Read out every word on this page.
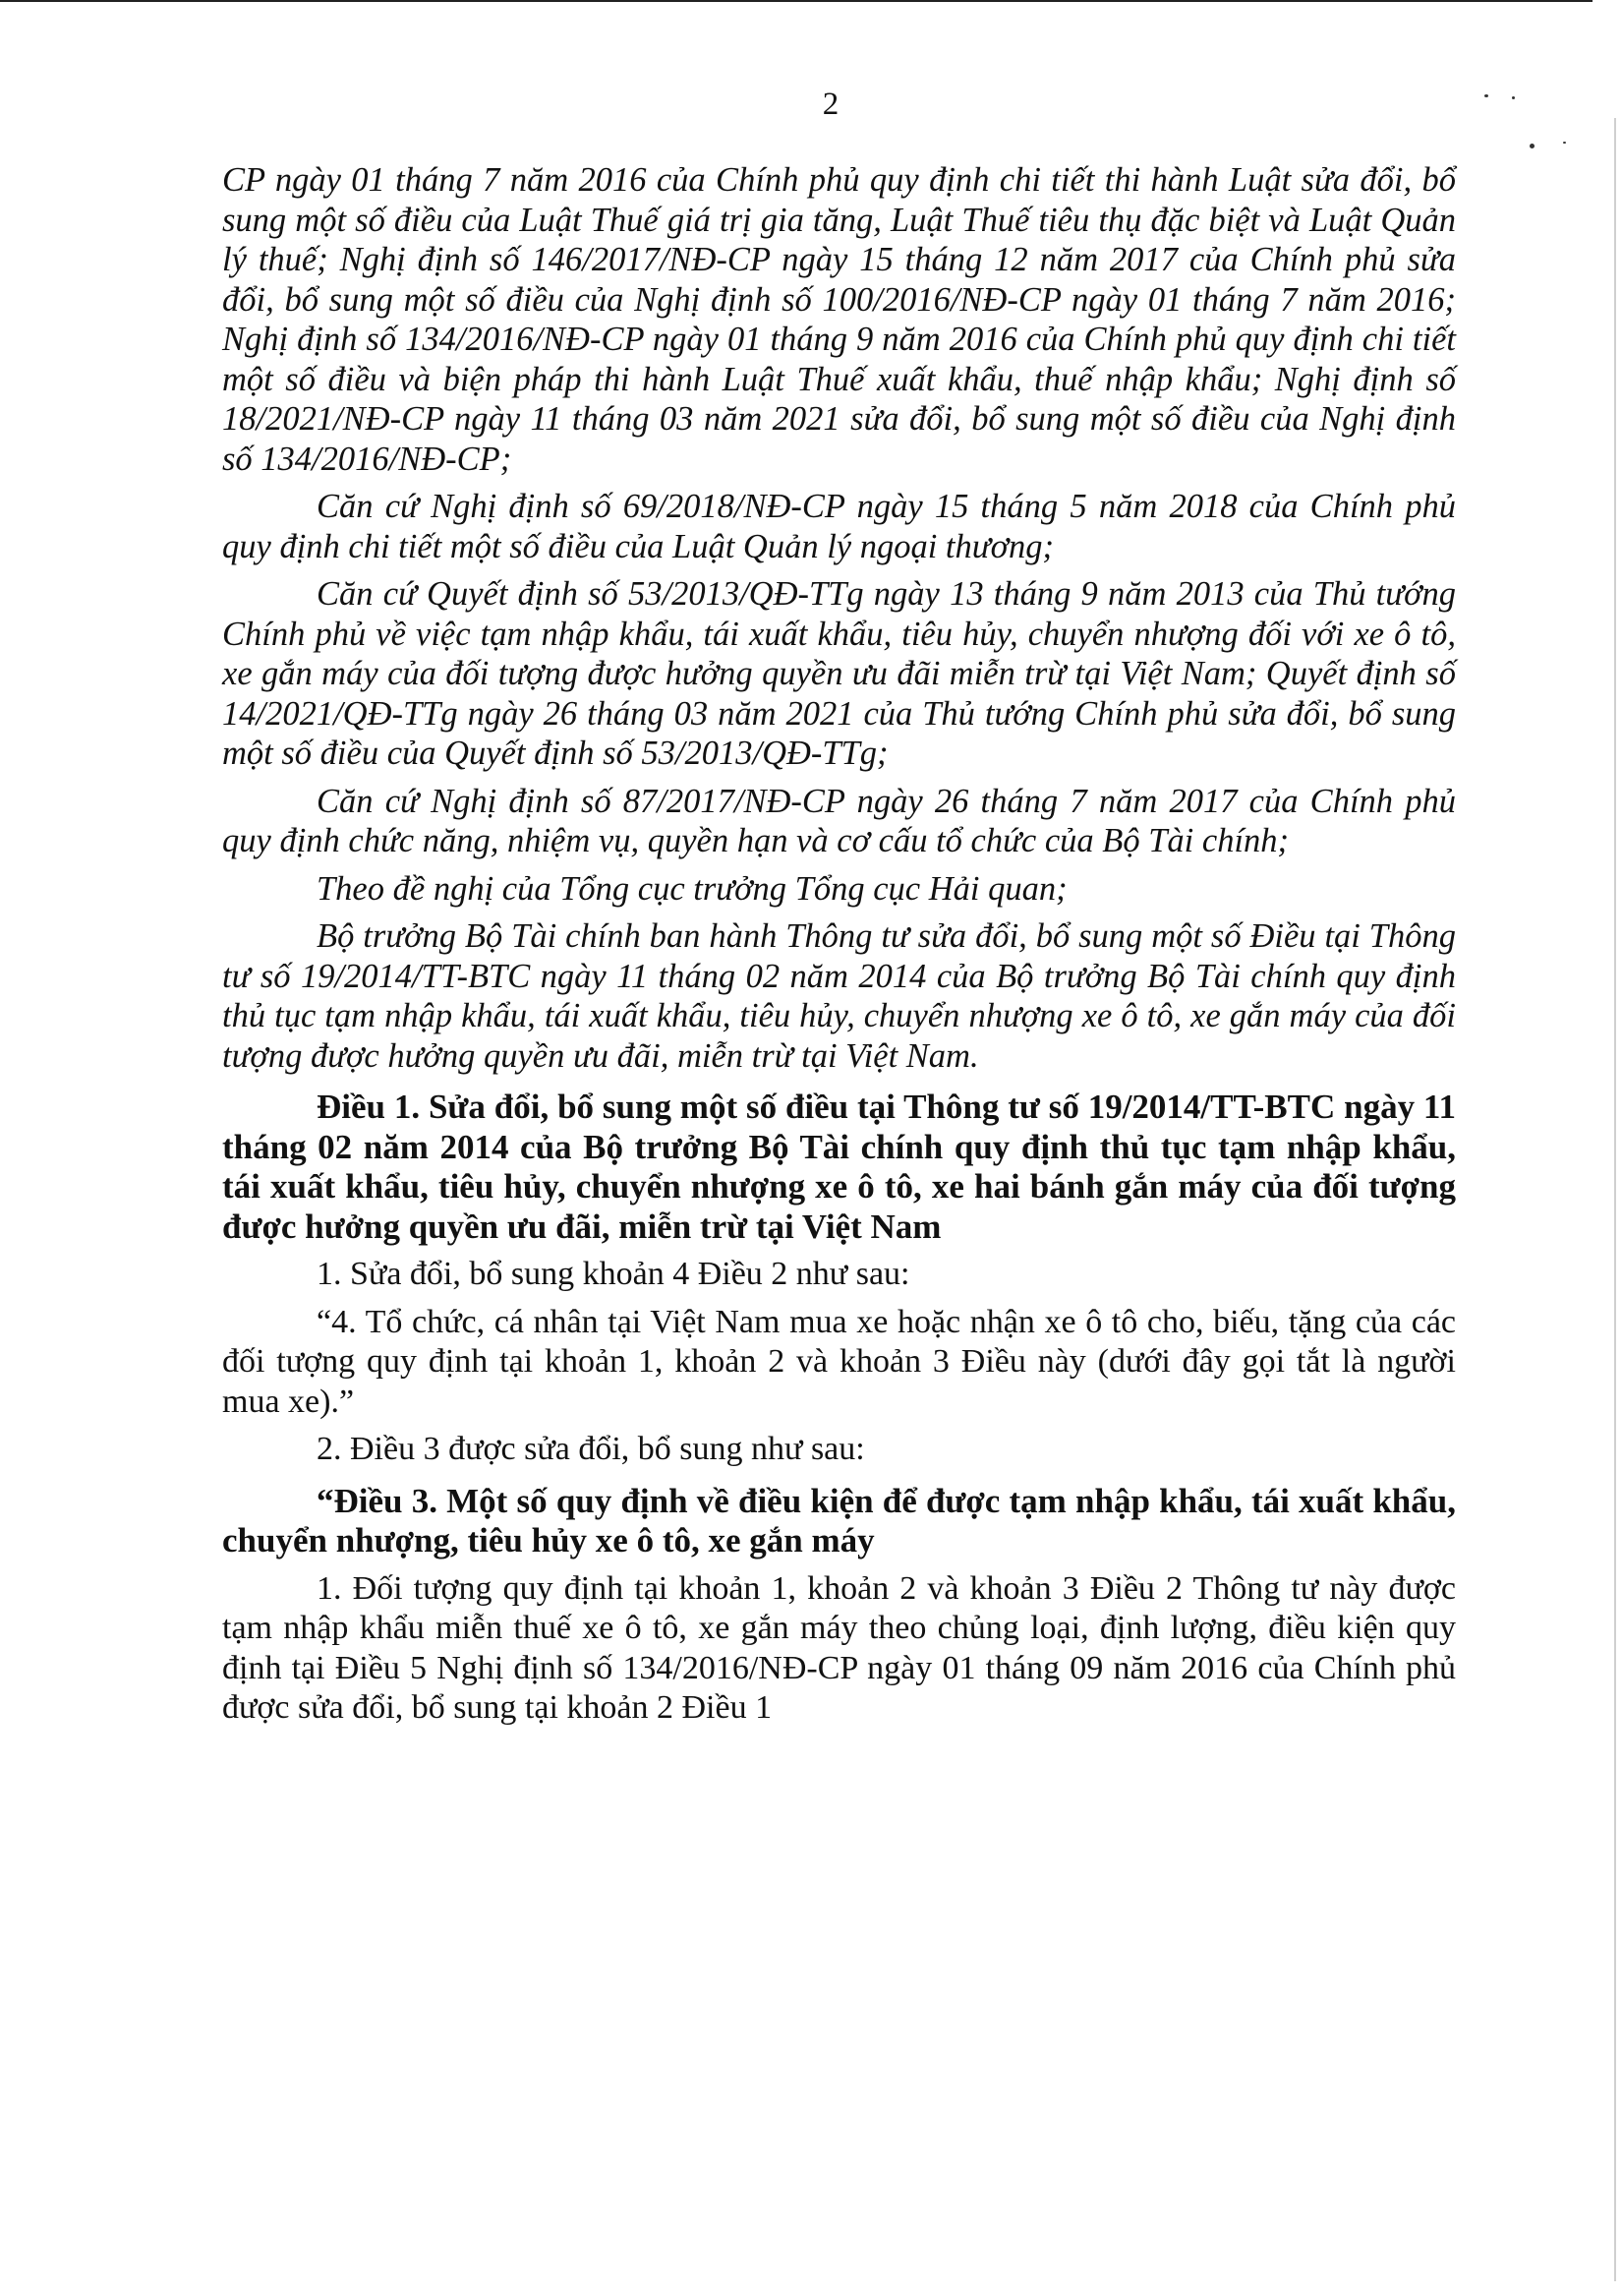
2

CP ngày 01 tháng 7 năm 2016 của Chính phủ quy định chi tiết thi hành Luật sửa đổi, bổ sung một số điều của Luật Thuế giá trị gia tăng, Luật Thuế tiêu thụ đặc biệt và Luật Quản lý thuế; Nghị định số 146/2017/NĐ-CP ngày 15 tháng 12 năm 2017 của Chính phủ sửa đổi, bổ sung một số điều của Nghị định số 100/2016/NĐ-CP ngày 01 tháng 7 năm 2016; Nghị định số 134/2016/NĐ-CP ngày 01 tháng 9 năm 2016 của Chính phủ quy định chi tiết một số điều và biện pháp thi hành Luật Thuế xuất khẩu, thuế nhập khẩu; Nghị định số 18/2021/NĐ-CP ngày 11 tháng 03 năm 2021 sửa đổi, bổ sung một số điều của Nghị định số 134/2016/NĐ-CP;

Căn cứ Nghị định số 69/2018/NĐ-CP ngày 15 tháng 5 năm 2018 của Chính phủ quy định chi tiết một số điều của Luật Quản lý ngoại thương;

Căn cứ Quyết định số 53/2013/QĐ-TTg ngày 13 tháng 9 năm 2013 của Thủ tướng Chính phủ về việc tạm nhập khẩu, tái xuất khẩu, tiêu hủy, chuyển nhượng đối với xe ô tô, xe gắn máy của đối tượng được hưởng quyền ưu đãi miễn trừ tại Việt Nam; Quyết định số 14/2021/QĐ-TTg ngày 26 tháng 03 năm 2021 của Thủ tướng Chính phủ sửa đổi, bổ sung một số điều của Quyết định số 53/2013/QĐ-TTg;

Căn cứ Nghị định số 87/2017/NĐ-CP ngày 26 tháng 7 năm 2017 của Chính phủ quy định chức năng, nhiệm vụ, quyền hạn và cơ cấu tổ chức của Bộ Tài chính;

Theo đề nghị của Tổng cục trưởng Tổng cục Hải quan;

Bộ trưởng Bộ Tài chính ban hành Thông tư sửa đổi, bổ sung một số Điều tại Thông tư số 19/2014/TT-BTC ngày 11 tháng 02 năm 2014 của Bộ trưởng Bộ Tài chính quy định thủ tục tạm nhập khẩu, tái xuất khẩu, tiêu hủy, chuyển nhượng xe ô tô, xe gắn máy của đối tượng được hưởng quyền ưu đãi, miễn trừ tại Việt Nam.

Điều 1. Sửa đổi, bổ sung một số điều tại Thông tư số 19/2014/TT-BTC ngày 11 tháng 02 năm 2014 của Bộ trưởng Bộ Tài chính quy định thủ tục tạm nhập khẩu, tái xuất khẩu, tiêu hủy, chuyển nhượng xe ô tô, xe hai bánh gắn máy của đối tượng được hưởng quyền ưu đãi, miễn trừ tại Việt Nam

1. Sửa đổi, bổ sung khoản 4 Điều 2 như sau:

“4. Tổ chức, cá nhân tại Việt Nam mua xe hoặc nhận xe ô tô cho, biếu, tặng của các đối tượng quy định tại khoản 1, khoản 2 và khoản 3 Điều này (dưới đây gọi tắt là người mua xe).”

2. Điều 3 được sửa đổi, bổ sung như sau:

“Điều 3. Một số quy định về điều kiện để được tạm nhập khẩu, tái xuất khẩu, chuyển nhượng, tiêu hủy xe ô tô, xe gắn máy

1. Đối tượng quy định tại khoản 1, khoản 2 và khoản 3 Điều 2 Thông tư này được tạm nhập khẩu miễn thuế xe ô tô, xe gắn máy theo chủng loại, định lượng, điều kiện quy định tại Điều 5 Nghị định số 134/2016/NĐ-CP ngày 01 tháng 09 năm 2016 của Chính phủ được sửa đổi, bổ sung tại khoản 2 Điều 1
